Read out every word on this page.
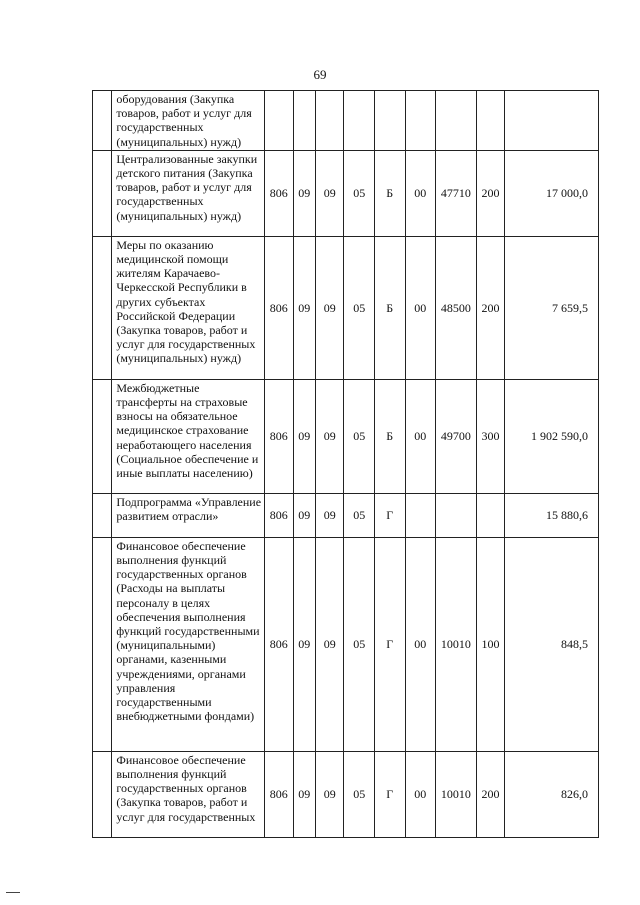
69
	оборудования (Закупка товаров, работ и услуг для государственных (муниципальных) нужд)									
	Централизованные закупки детского питания (Закупка товаров, работ и услуг для государственных (муниципальных) нужд)	806	09	09	05	Б	00	47710	200	17 000,0
	Меры по оказанию медицинской помощи жителям Карачаево-Черкесской Республики в других субъектах Российской Федерации (Закупка товаров, работ и услуг для государственных (муниципальных) нужд)	806	09	09	05	Б	00	48500	200	7 659,5
	Межбюджетные трансферты на страховые взносы на обязательное медицинское страхование неработающего населения (Социальное обеспечение и иные выплаты населению)	806	09	09	05	Б	00	49700	300	1 902 590,0
	Подпрограмма «Управление развитием отрасли»	806	09	09	05	Г				15 880,6
	Финансовое обеспечение выполнения функций государственных органов (Расходы на выплаты персоналу в целях обеспечения выполнения функций государственными (муниципальными) органами, казенными учреждениями, органами управления государственными внебюджетными фондами)	806	09	09	05	Г	00	10010	100	848,5
	Финансовое обеспечение выполнения функций государственных органов (Закупка товаров, работ и услуг для государственных	806	09	09	05	Г	00	10010	200	826,0
